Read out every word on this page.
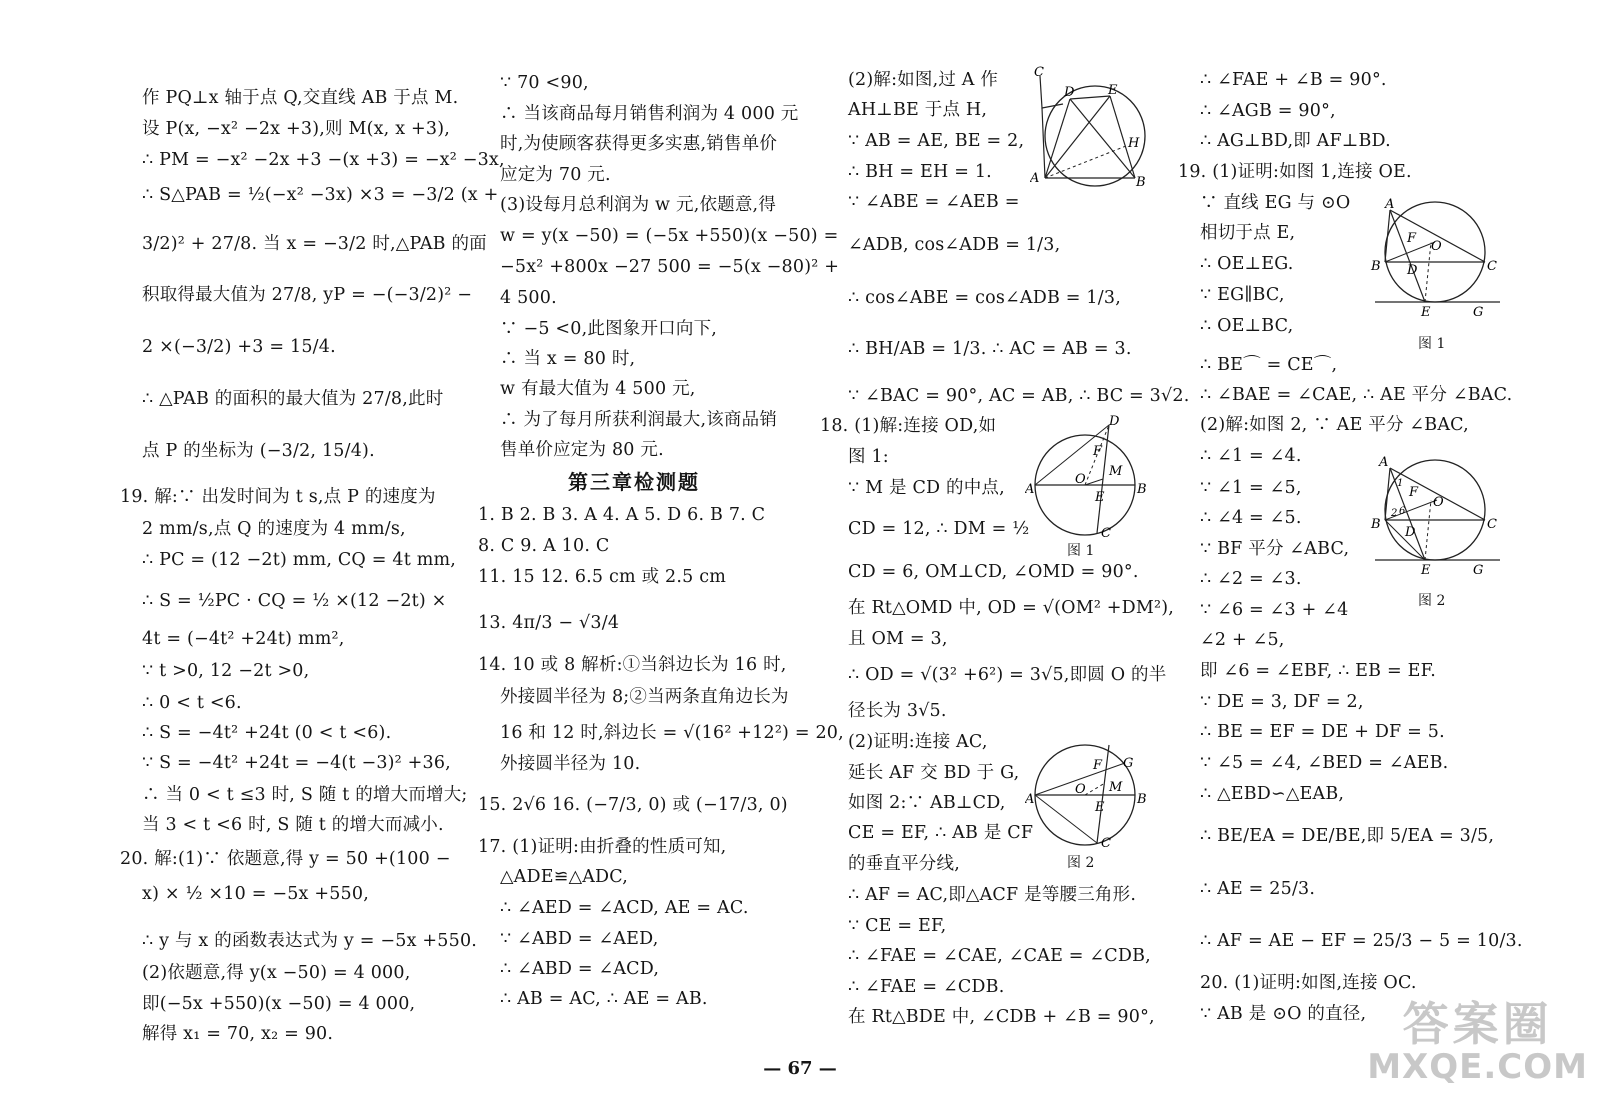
作 PQ⊥x 轴于点 Q,交直线 AB 于点 M.
设 P(x, −x² −2x +3),则 M(x, x +3),
∴ PM = −x² −2x +3 −(x +3) = −x² −3x,
∴ S△PAB = ½(−x² −3x) ×3 = −3/2 (x +
3/2)² + 27/8. 当 x = −3/2 时,△PAB 的面
积取得最大值为 27/8, yP = −(−3/2)² −
2 ×(−3/2) +3 = 15/4.
∴ △PAB 的面积的最大值为 27/8,此时
点 P 的坐标为 (−3/2, 15/4).
19. 解:∵ 出发时间为 t s,点 P 的速度为
2 mm/s,点 Q 的速度为 4 mm/s,
∴ PC = (12 −2t) mm, CQ = 4t mm,
∴ S = ½PC · CQ = ½ ×(12 −2t) ×
4t = (−4t² +24t) mm²,
∵ t >0, 12 −2t >0,
∴ 0 < t <6.
∴ S = −4t² +24t (0 < t <6).
∵ S = −4t² +24t = −4(t −3)² +36,
∴ 当 0 < t ≤3 时, S 随 t 的增大而增大;
当 3 < t <6 时, S 随 t 的增大而减小.
20. 解:(1)∵ 依题意,得 y = 50 +(100 −
x) × ½ ×10 = −5x +550,
∴ y 与 x 的函数表达式为 y = −5x +550.
(2)依题意,得 y(x −50) = 4 000,
即(−5x +550)(x −50) = 4 000,
解得 x₁ = 70, x₂ = 90.
∵ 70 <90,
∴ 当该商品每月销售利润为 4 000 元
时,为使顾客获得更多实惠,销售单价
应定为 70 元.
(3)设每月总利润为 w 元,依题意,得
w = y(x −50) = (−5x +550)(x −50) =
−5x² +800x −27 500 = −5(x −80)² +
4 500.
∵ −5 <0,此图象开口向下,
∴ 当 x = 80 时,
w 有最大值为 4 500 元,
∴ 为了每月所获利润最大,该商品销
售单价应定为 80 元.
第三章检测题
1. B 2. B 3. A 4. A 5. D 6. B 7. C
8. C 9. A 10. C
11. 15 12. 6.5 cm 或 2.5 cm
13. 4π/3 − √3/4
14. 10 或 8 解析:①当斜边长为 16 时,
外接圆半径为 8;②当两条直角边长为
16 和 12 时,斜边长 = √(16² +12²) = 20,
外接圆半径为 10.
15. 2√6 16. (−7/3, 0) 或 (−17/3, 0)
17. (1)证明:由折叠的性质可知,
△ADE≌△ADC,
∴ ∠AED = ∠ACD, AE = AC.
∵ ∠ABD = ∠AED,
∴ ∠ABD = ∠ACD,
∴ AB = AC, ∴ AE = AB.
(2)解:如图,过 A 作
AH⊥BE 于点 H,
∵ AB = AE, BE = 2,
∴ BH = EH = 1.
∵ ∠ABE = ∠AEB =
∠ADB, cos∠ADB = 1/3,
∴ cos∠ABE = cos∠ADB = 1/3,
∴ BH/AB = 1/3. ∴ AC = AB = 3.
∵ ∠BAC = 90°, AC = AB, ∴ BC = 3√2.
18. (1)解:连接 OD,如
图 1:
∵ M 是 CD 的中点,
CD = 12, ∴ DM = ½
CD = 6, OM⊥CD, ∠OMD = 90°.
在 Rt△OMD 中, OD = √(OM² +DM²),
且 OM = 3,
∴ OD = √(3² +6²) = 3√5,即圆 O 的半
径长为 3√5.
(2)证明:连接 AC,
延长 AF 交 BD 于 G,
如图 2:∵ AB⊥CD,
CE = EF, ∴ AB 是 CF
的垂直平分线,
∴ AF = AC,即△ACF 是等腰三角形.
∵ CE = EF,
∴ ∠FAE = ∠CAE, ∠CAE = ∠CDB,
∴ ∠FAE = ∠CDB.
在 Rt△BDE 中, ∠CDB + ∠B = 90°,
∴ ∠FAE + ∠B = 90°.
∴ ∠AGB = 90°,
∴ AG⊥BD,即 AF⊥BD.
19. (1)证明:如图 1,连接 OE.
∵ 直线 EG 与 ⊙O
相切于点 E,
∴ OE⊥EG.
∵ EG∥BC,
∴ OE⊥BC,
∴ BE⌒ = CE⌒,
∴ ∠BAE = ∠CAE, ∴ AE 平分 ∠BAC.
(2)解:如图 2, ∵ AE 平分 ∠BAC,
∴ ∠1 = ∠4.
∵ ∠1 = ∠5,
∴ ∠4 = ∠5.
∵ BF 平分 ∠ABC,
∴ ∠2 = ∠3.
∵ ∠6 = ∠3 + ∠4
∠2 + ∠5,
即 ∠6 = ∠EBF, ∴ EB = EF.
∵ DE = 3, DF = 2,
∴ BE = EF = DE + DF = 5.
∵ ∠5 = ∠4, ∠BED = ∠AEB.
∴ △EBD∽△EAB,
∴ BE/EA = DE/BE,即 5/EA = 3/5,
∴ AE = 25/3.
∴ AF = AE − EF = 25/3 − 5 = 10/3.
20. (1)证明:如图,连接 OC.
∵ AB 是 ⊙O 的直径,
C
D	E
H
A	B
D
F
O
M
A
E
B
C
图 1
F G
O M
A
E
B
C
图 2
A
F
O
B D	C
E	G
图 1
A
F
O
B
D
C
E	G
1
2 6
图 2
— 67 —
答案圈
MXQE.COM
